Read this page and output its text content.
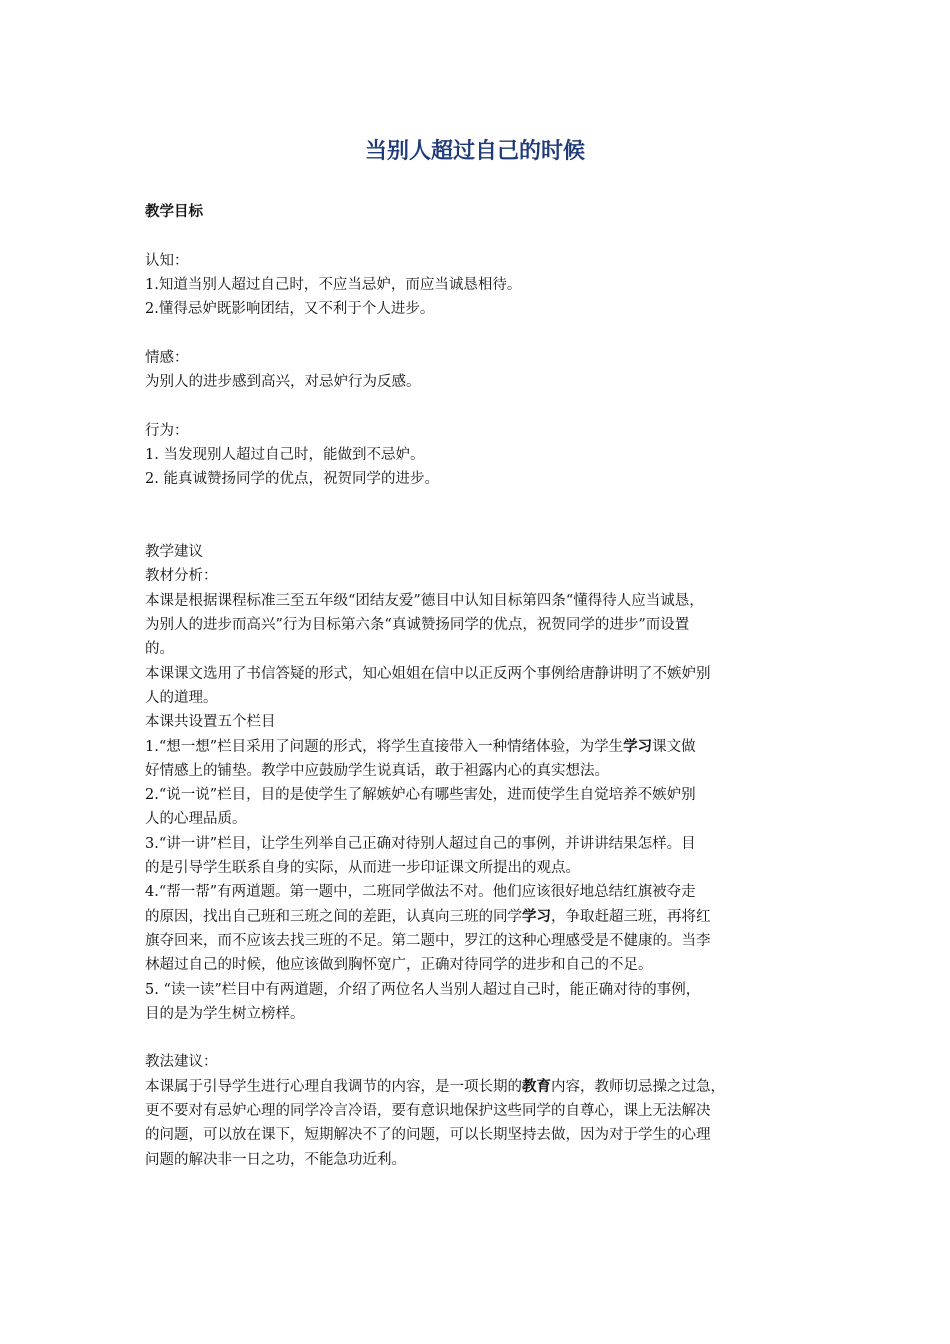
当别人超过自己的时候

教学目标

认知：

1.知道当别人超过自己时，不应当忌妒，而应当诚恳相待。

2.懂得忌妒既影响团结，又不利于个人进步。

情感：

为别人的进步感到高兴，对忌妒行为反感。

行为：

1. 当发现别人超过自己时，能做到不忌妒。

2. 能真诚赞扬同学的优点，祝贺同学的进步。

教学建议

教材分析：

本课是根据课程标准三至五年级“团结友爱”德目中认知目标第四条“懂得待人应当诚恳，

为别人的进步而高兴”行为目标第六条“真诚赞扬同学的优点，祝贺同学的进步”而设置

的。

本课课文选用了书信答疑的形式，知心姐姐在信中以正反两个事例给唐静讲明了不嫉妒别

人的道理。

本课共设置五个栏目

1.“想一想”栏目采用了问题的形式，将学生直接带入一种情绪体验，为学生学习课文做

好情感上的铺垫。教学中应鼓励学生说真话，敢于袒露内心的真实想法。

2.“说一说”栏目，目的是使学生了解嫉妒心有哪些害处，进而使学生自觉培养不嫉妒别

人的心理品质。

3.“讲一讲”栏目，让学生列举自己正确对待别人超过自己的事例，并讲讲结果怎样。目

的是引导学生联系自身的实际，从而进一步印证课文所提出的观点。

4.“帮一帮”有两道题。第一题中，二班同学做法不对。他们应该很好地总结红旗被夺走

的原因，找出自己班和三班之间的差距，认真向三班的同学学习，争取赶超三班，再将红

旗夺回来，而不应该去找三班的不足。第二题中，罗江的这种心理感受是不健康的。当李

林超过自己的时候，他应该做到胸怀宽广，正确对待同学的进步和自己的不足。

5. “读一读”栏目中有两道题，介绍了两位名人当别人超过自己时，能正确对待的事例，

目的是为学生树立榜样。

教法建议：

本课属于引导学生进行心理自我调节的内容，是一项长期的教育内容，教师切忌操之过急，

更不要对有忌妒心理的同学冷言冷语，要有意识地保护这些同学的自尊心，课上无法解决

的问题，可以放在课下，短期解决不了的问题，可以长期坚持去做，因为对于学生的心理

问题的解决非一日之功，不能急功近利。
